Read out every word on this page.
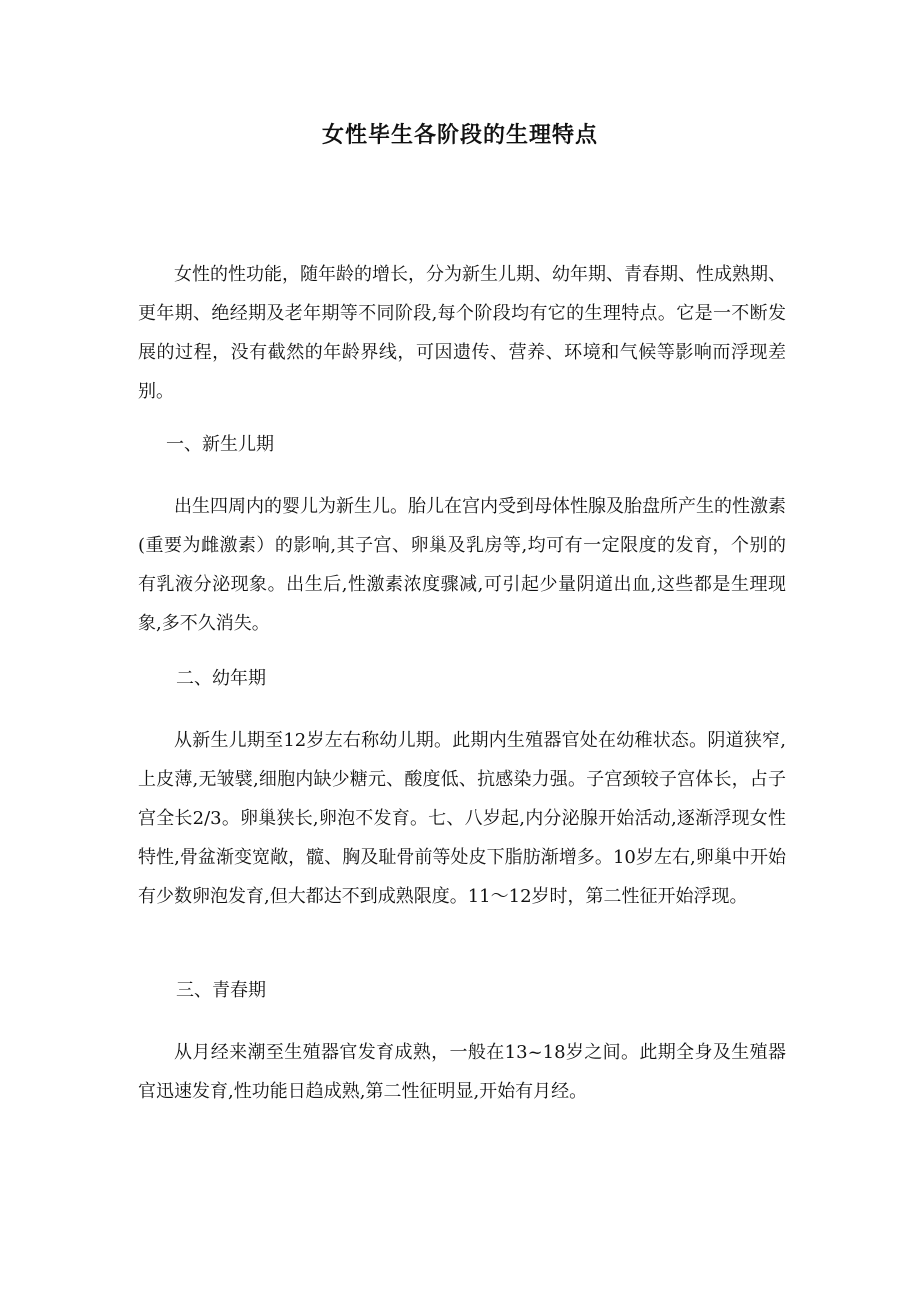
女性毕生各阶段的生理特点
女性的性功能，随年龄的增长，分为新生儿期、幼年期、青春期、性成熟期、更年期、绝经期及老年期等不同阶段,每个阶段均有它的生理特点。它是一不断发展的过程，没有截然的年龄界线，可因遗传、营养、环境和气候等影响而浮现差别。
一、新生儿期
出生四周内的婴儿为新生儿。胎儿在宫内受到母体性腺及胎盘所产生的性激素(重要为雌激素）的影响,其子宫、卵巢及乳房等,均可有一定限度的发育，个别的有乳液分泌现象。出生后,性激素浓度骤减,可引起少量阴道出血,这些都是生理现象,多不久消失。
二、幼年期
从新生儿期至12岁左右称幼儿期。此期内生殖器官处在幼稚状态。阴道狭窄,上皮薄,无皱襞,细胞内缺少糖元、酸度低、抗感染力强。子宫颈较子宫体长，占子宫全长2/3。卵巢狭长,卵泡不发育。七、八岁起,内分泌腺开始活动,逐渐浮现女性特性,骨盆渐变宽敞，髋、胸及耻骨前等处皮下脂肪渐增多。10岁左右,卵巢中开始有少数卵泡发育,但大都达不到成熟限度。11～12岁时，第二性征开始浮现。
三、青春期
从月经来潮至生殖器官发育成熟，一般在13~18岁之间。此期全身及生殖器官迅速发育,性功能日趋成熟,第二性征明显,开始有月经。
